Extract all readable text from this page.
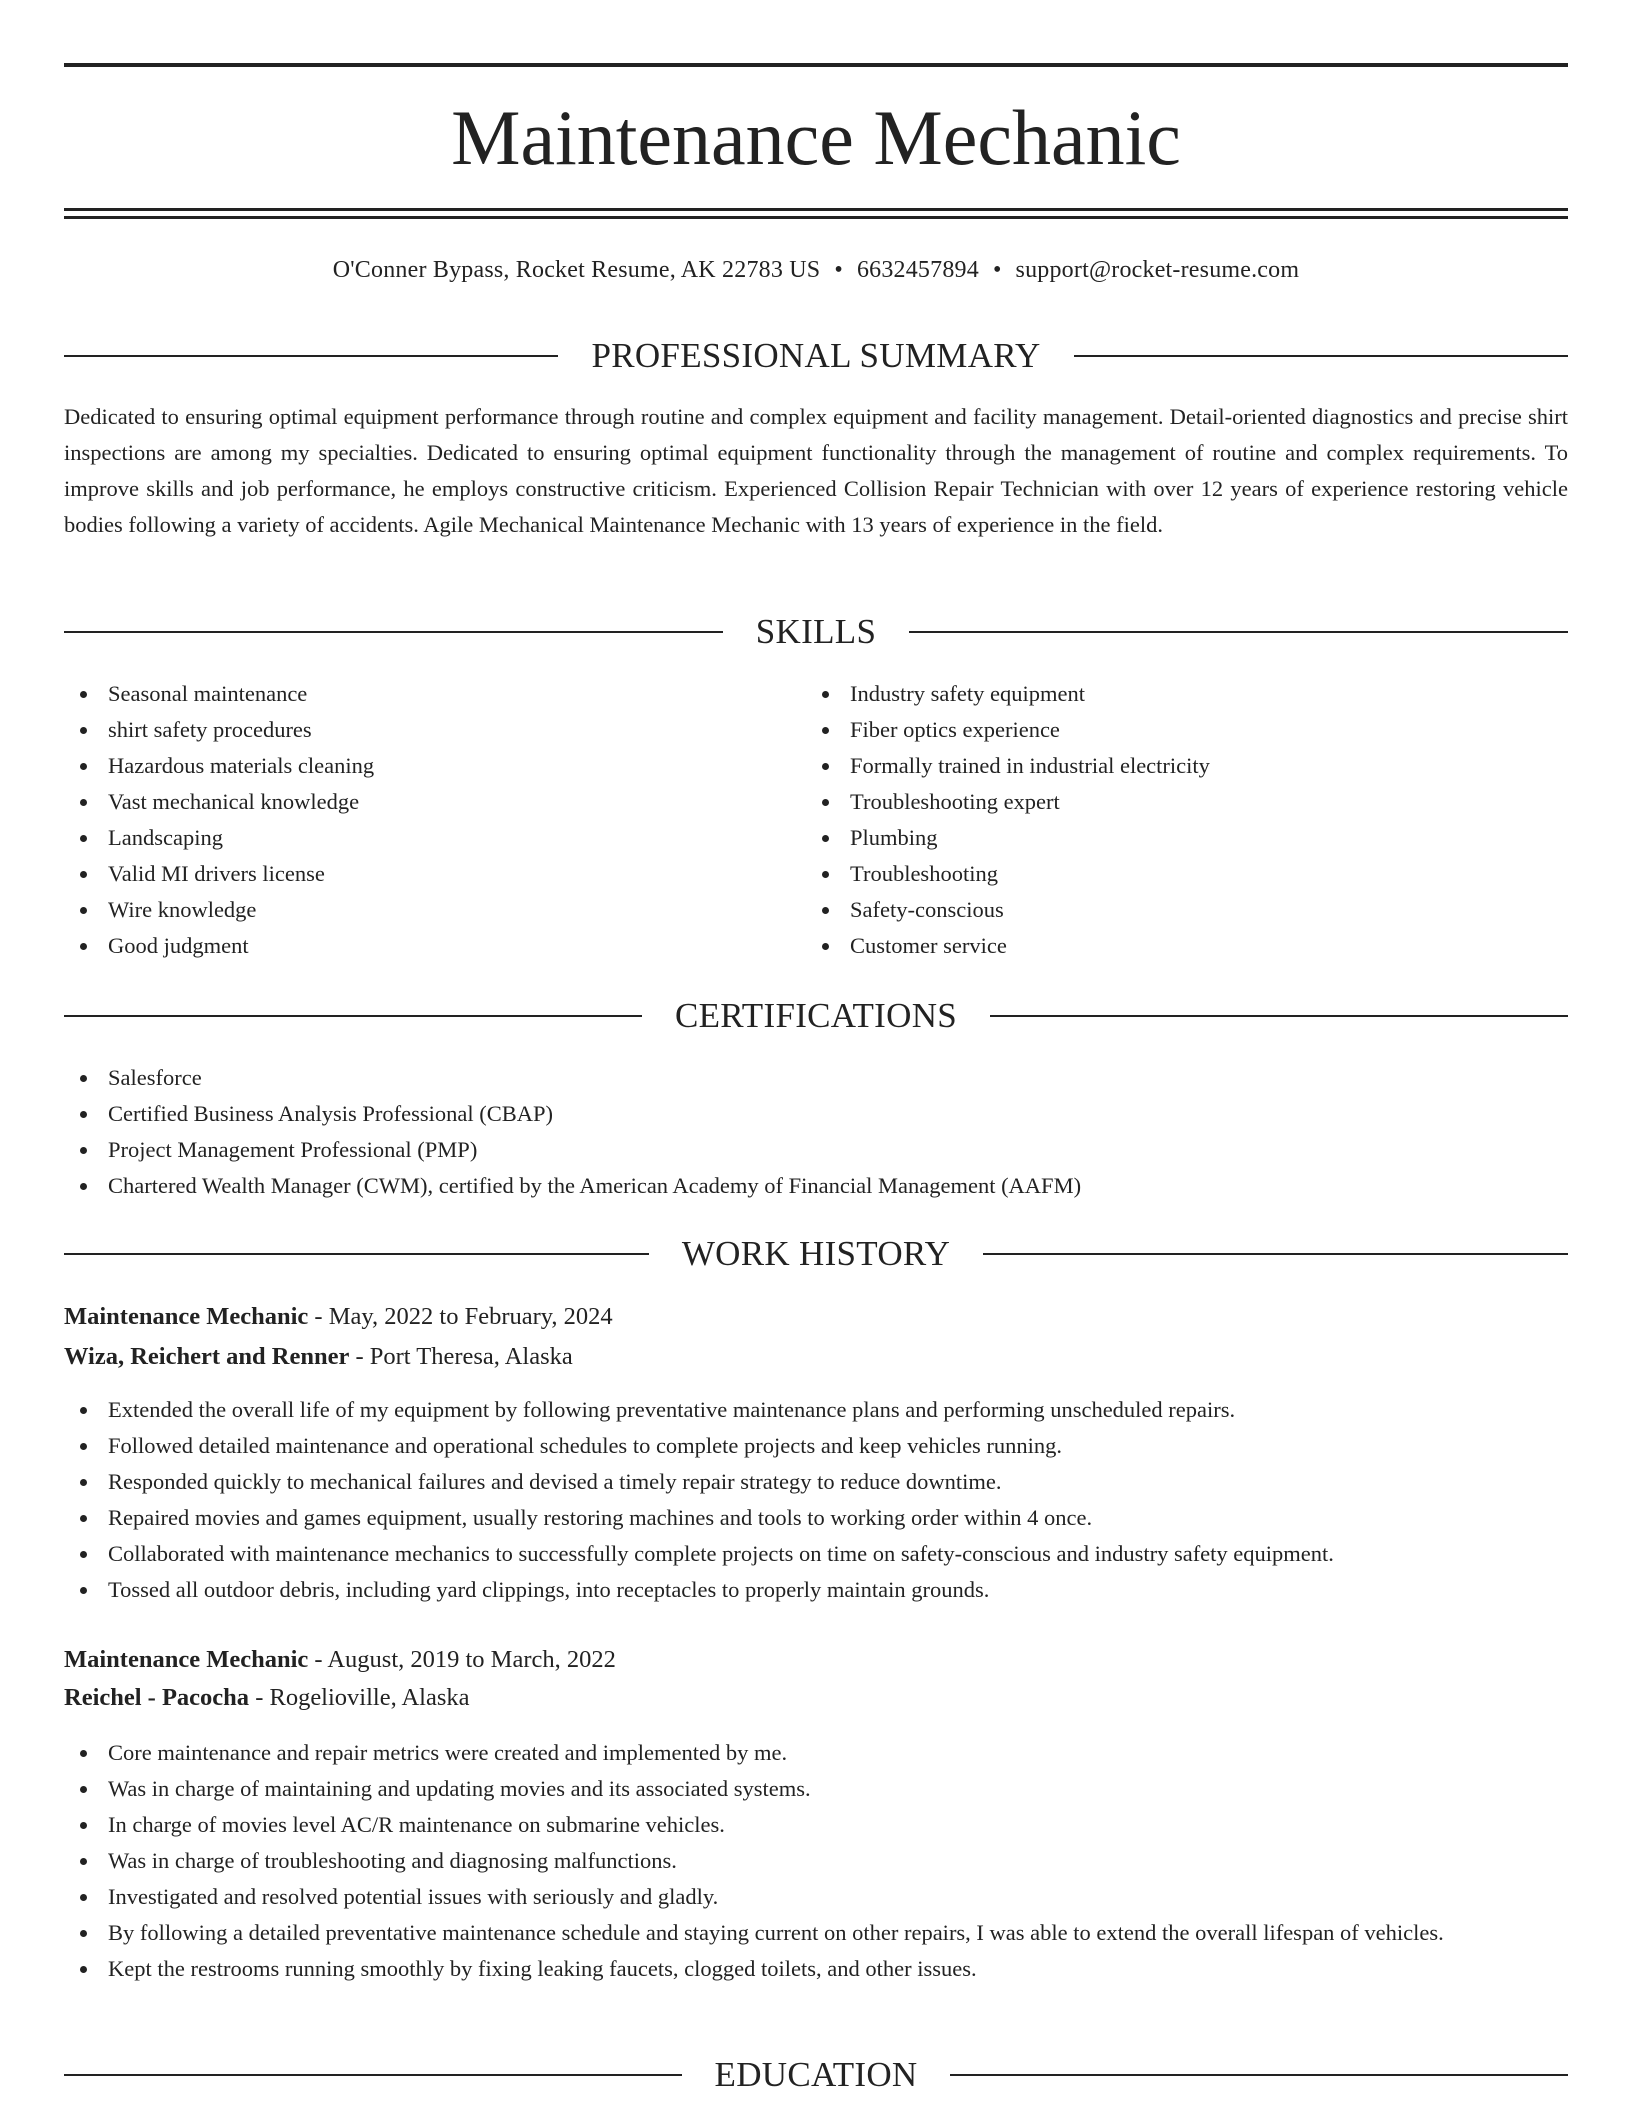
Maintenance Mechanic
O'Conner Bypass, Rocket Resume, AK 22783 US • 6632457894 • support@rocket-resume.com
PROFESSIONAL SUMMARY

Dedicated to ensuring optimal equipment performance through routine and complex equipment and facility management. Detail-oriented diagnostics and precise shirt inspections are among my specialties. Dedicated to ensuring optimal equipment functionality through the management of routine and complex requirements. To improve skills and job performance, he employs constructive criticism. Experienced Collision Repair Technician with over 12 years of experience restoring vehicle bodies following a variety of accidents. Agile Mechanical Maintenance Mechanic with 13 years of experience in the field.

SKILLS
Seasonal maintenance
shirt safety procedures
Hazardous materials cleaning
Vast mechanical knowledge
Landscaping
Valid MI drivers license
Wire knowledge
Good judgment
Industry safety equipment
Fiber optics experience
Formally trained in industrial electricity
Troubleshooting expert
Plumbing
Troubleshooting
Safety-conscious
Customer service
CERTIFICATIONS
Salesforce
Certified Business Analysis Professional (CBAP)
Project Management Professional (PMP)
Chartered Wealth Manager (CWM), certified by the American Academy of Financial Management (AAFM)
WORK HISTORY
Maintenance Mechanic - May, 2022 to February, 2024
Wiza, Reichert and Renner - Port Theresa, Alaska
Extended the overall life of my equipment by following preventative maintenance plans and performing unscheduled repairs.
Followed detailed maintenance and operational schedules to complete projects and keep vehicles running.
Responded quickly to mechanical failures and devised a timely repair strategy to reduce downtime.
Repaired movies and games equipment, usually restoring machines and tools to working order within 4 once.
Collaborated with maintenance mechanics to successfully complete projects on time on safety-conscious and industry safety equipment.
Tossed all outdoor debris, including yard clippings, into receptacles to properly maintain grounds.
Maintenance Mechanic - August, 2019 to March, 2022
Reichel - Pacocha - Rogelioville, Alaska
Core maintenance and repair metrics were created and implemented by me.
Was in charge of maintaining and updating movies and its associated systems.
In charge of movies level AC/R maintenance on submarine vehicles.
Was in charge of troubleshooting and diagnosing malfunctions.
Investigated and resolved potential issues with seriously and gladly.
By following a detailed preventative maintenance schedule and staying current on other repairs, I was able to extend the overall lifespan of vehicles.
Kept the restrooms running smoothly by fixing leaking faucets, clogged toilets, and other issues.
EDUCATION
